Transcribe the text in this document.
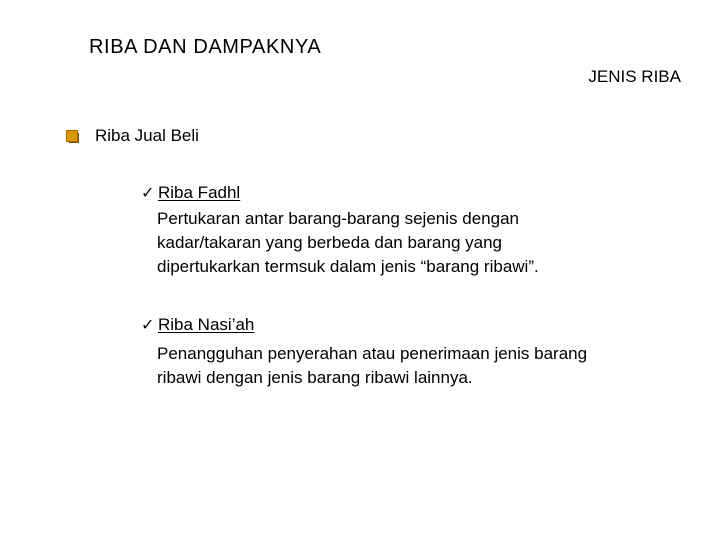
RIBA DAN DAMPAKNYA
JENIS RIBA
Riba Jual Beli
✓ Riba Fadhl
Pertukaran antar barang-barang sejenis dengan
kadar/takaran yang berbeda dan barang yang
dipertukarkan termsuk dalam jenis “barang ribawi”.
✓ Riba Nasi’ah
Penangguhan penyerahan atau penerimaan jenis barang
ribawi dengan jenis barang ribawi lainnya.
